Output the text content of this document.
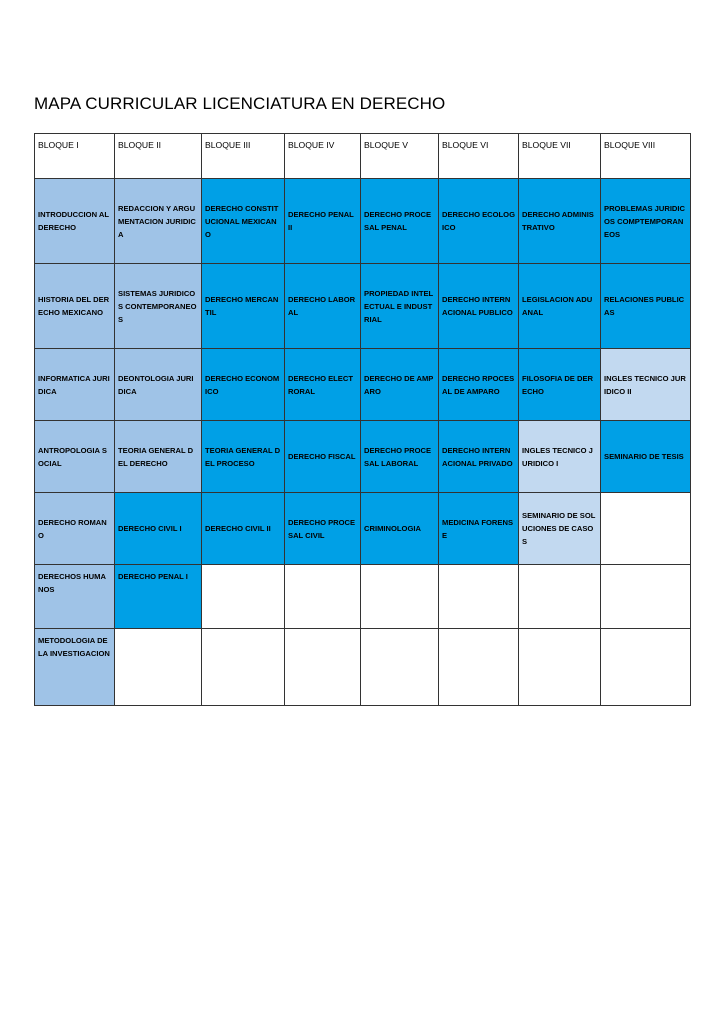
MAPA CURRICULAR LICENCIATURA EN DERECHO
BLOQUE I	BLOQUE II	BLOQUE III	BLOQUE IV	BLOQUE V	BLOQUE VI	BLOQUE VII	BLOQUE VIII
INTRODUCCION AL DERECHO	REDACCION Y ARGUMENTACION JURIDICA	DERECHO CONSTITUCIONAL MEXICANO	DERECHO PENAL II	DERECHO PROCESAL PENAL	DERECHO ECOLOGICO	DERECHO ADMINISTRATIVO	PROBLEMAS JURIDICOS COMPTEMPORANEOS
HISTORIA DEL DERECHO MEXICANO	SISTEMAS JURIDICOS CONTEMPORANEOS	DERECHO MERCANTIL	DERECHO LABORAL	PROPIEDAD INTELECTUAL E INDUSTRIAL	DERECHO INTERNACIONAL PUBLICO	LEGISLACION ADUANAL	RELACIONES PUBLICAS
INFORMATICA JURIDICA	DEONTOLOGIA JURIDICA	DERECHO ECONOMICO	DERECHO ELECTRORAL	DERECHO DE AMPARO	DERECHO RPOCESAL DE AMPARO	FILOSOFIA DE DERECHO	INGLES TECNICO JURIDICO II
ANTROPOLOGIA SOCIAL	TEORIA GENERAL DEL DERECHO	TEORIA GENERAL DEL PROCESO	DERECHO FISCAL	DERECHO PROCESAL LABORAL	DERECHO INTERNACIONAL PRIVADO	INGLES TECNICO JURIDICO I	SEMINARIO DE TESIS
DERECHO ROMANO	DERECHO CIVIL I	DERECHO CIVIL II	DERECHO PROCESAL CIVIL	CRIMINOLOGIA	MEDICINA FORENSE	SEMINARIO DE SOLUCIONES DE CASOS	
DERECHOS HUMANOS	DERECHO PENAL I						
METODOLOGIA DE LA INVESTIGACION							
